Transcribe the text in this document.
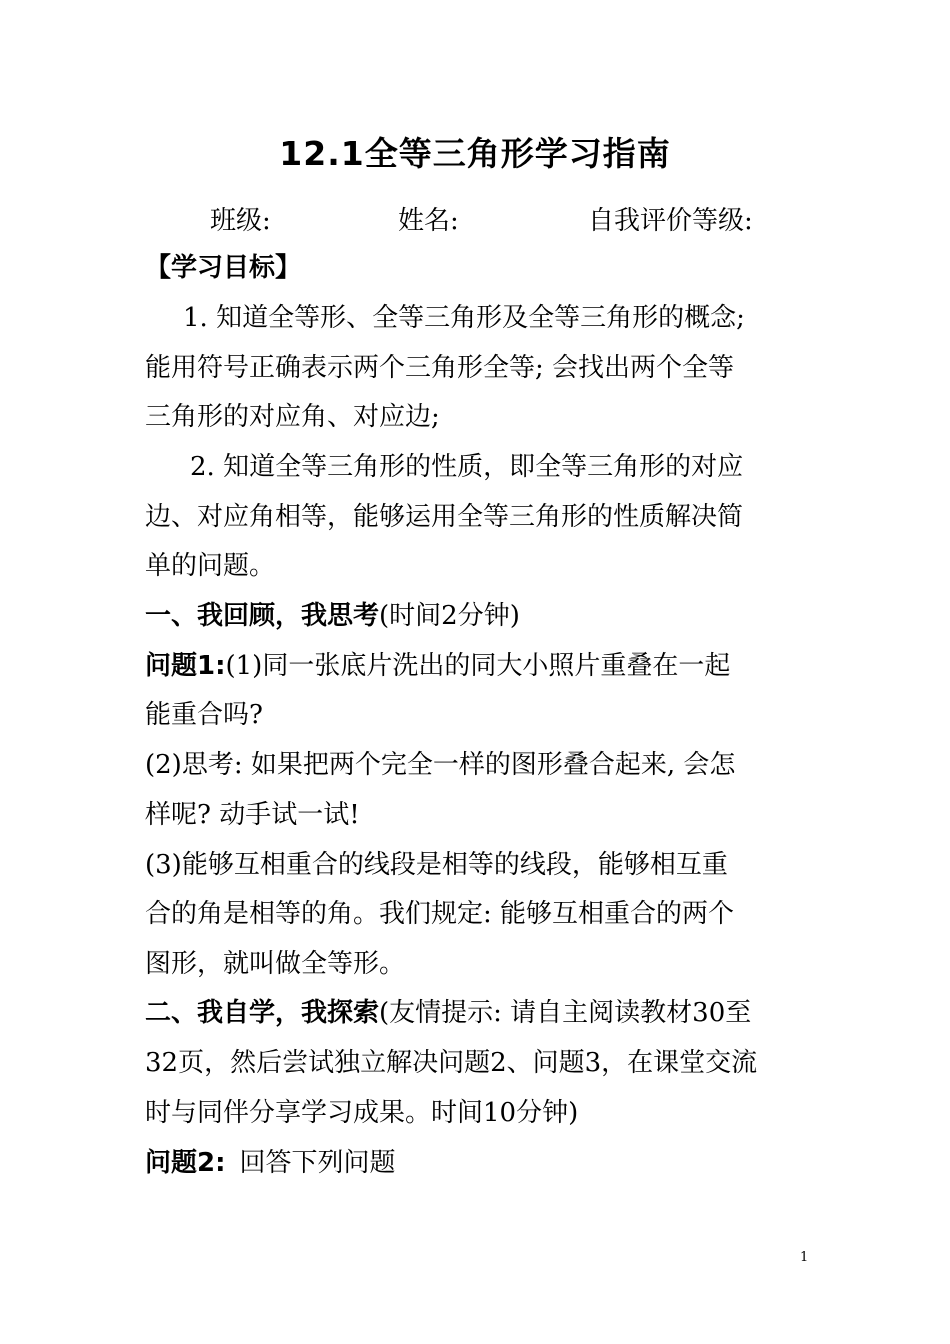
12.1全等三角形学习指南
班级:	姓名:	自我评价等级:
【学习目标】
1. 知道全等形、全等三角形及全等三角形的概念;
能用符号正确表示两个三角形全等; 会找出两个全等
三角形的对应角、对应边;
2. 知道全等三角形的性质，即全等三角形的对应
边、对应角相等，能够运用全等三角形的性质解决简
单的问题。
一、我回顾，我思考(时间2分钟)
问题1:(1)同一张底片洗出的同大小照片重叠在一起
能重合吗?
(2)思考: 如果把两个完全一样的图形叠合起来, 会怎
样呢? 动手试一试!
(3)能够互相重合的线段是相等的线段，能够相互重
合的角是相等的角。我们规定: 能够互相重合的两个
图形，就叫做全等形。
二、我自学，我探索(友情提示: 请自主阅读教材30至
32页，然后尝试独立解决问题2、问题3，在课堂交流
时与同伴分享学习成果。时间10分钟)
问题2: 回答下列问题
1
